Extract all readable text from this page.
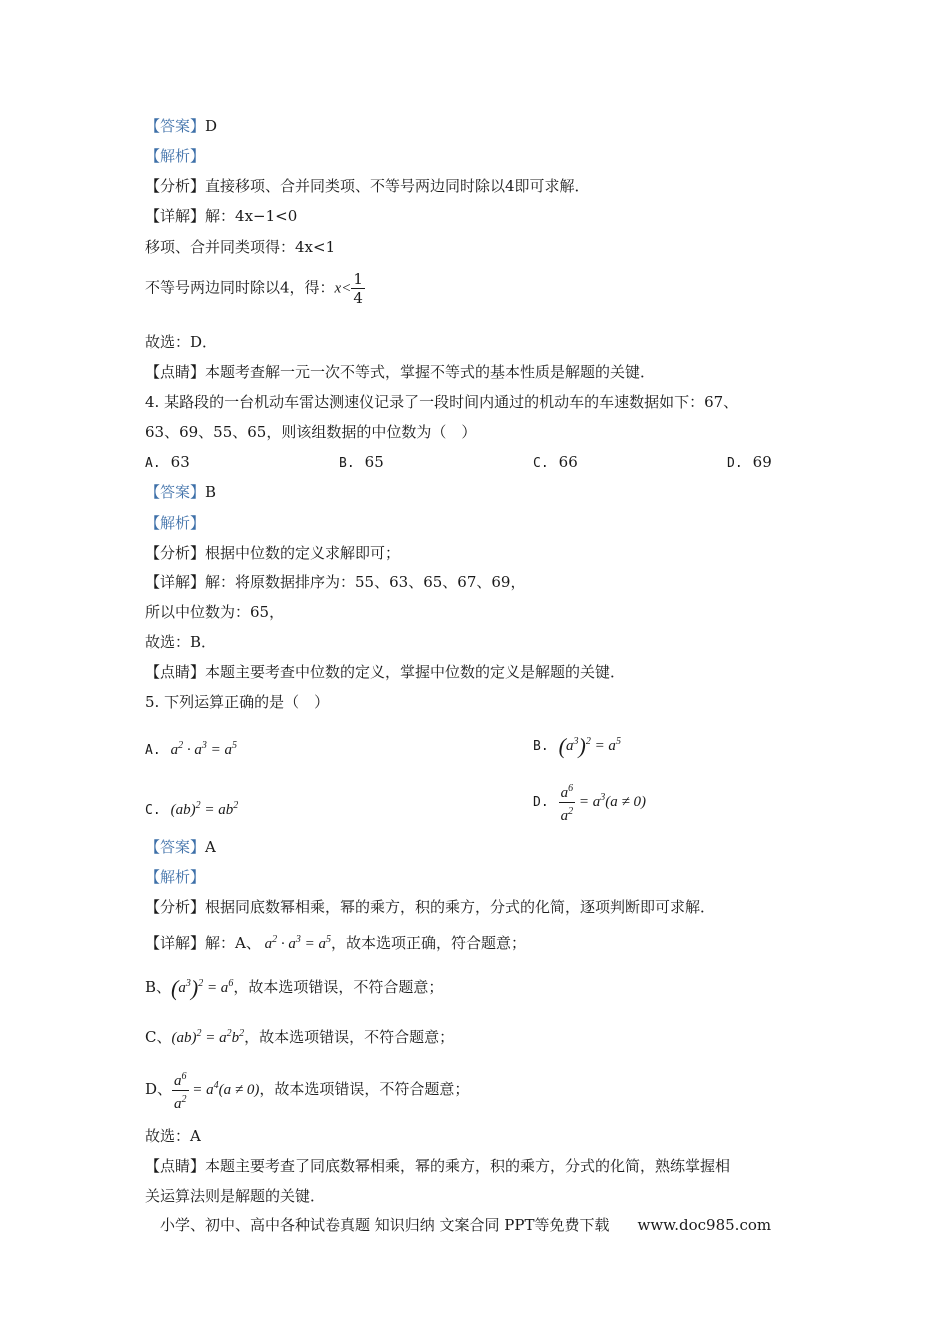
【答案】D
【解析】
【分析】直接移项、合并同类项、不等号两边同时除以4即可求解．
【详解】解：4x−1<0
移项、合并同类项得：4x<1
不等号两边同时除以4，得：$x< \frac{1}{4}$
故选：D．
【点睛】本题考查解一元一次不等式，掌握不等式的基本性质是解题的关键．
4. 某路段的一台机动车雷达测速仪记录了一段时间内通过的机动车的车速数据如下：67、
63、69、55、65，则该组数据的中位数为（　）
A. 63	B. 65	C. 66	D. 69
【答案】B
【解析】
【分析】根据中位数的定义求解即可；
【详解】解：将原数据排序为：55、63、65、67、69，
所以中位数为：65，
故选：B．
【点睛】本题主要考查中位数的定义，掌握中位数的定义是解题的关键．
5. 下列运算正确的是（　）
A. $a^2 \cdot a^3 = a^5$	B. $(a^3)^2 = a^5$
C. $(ab)^2 = ab^2$	D. $\frac{a^6}{a^2} = a^3(a \ne 0)$
【答案】A
【解析】
【分析】根据同底数幂相乘，幂的乘方，积的乘方，分式的化简，逐项判断即可求解．
【详解】解：A、 $a^2 \cdot a^3 = a^5$，故本选项正确，符合题意；
B、$(a^3)^2 = a^6$，故本选项错误，不符合题意；
C、$(ab)^2 = a^2b^2$，故本选项错误，不符合题意；
D、 $\frac{a^6}{a^2} = a^4(a \ne 0)$，故本选项错误，不符合题意；
故选：A
【点睛】本题主要考查了同底数幂相乘，幂的乘方，积的乘方，分式的化简，熟练掌握相
关运算法则是解题的关键．
小学、初中、高中各种试卷真题 知识归纳 文案合同 PPT等免费下载 www.doc985.com
